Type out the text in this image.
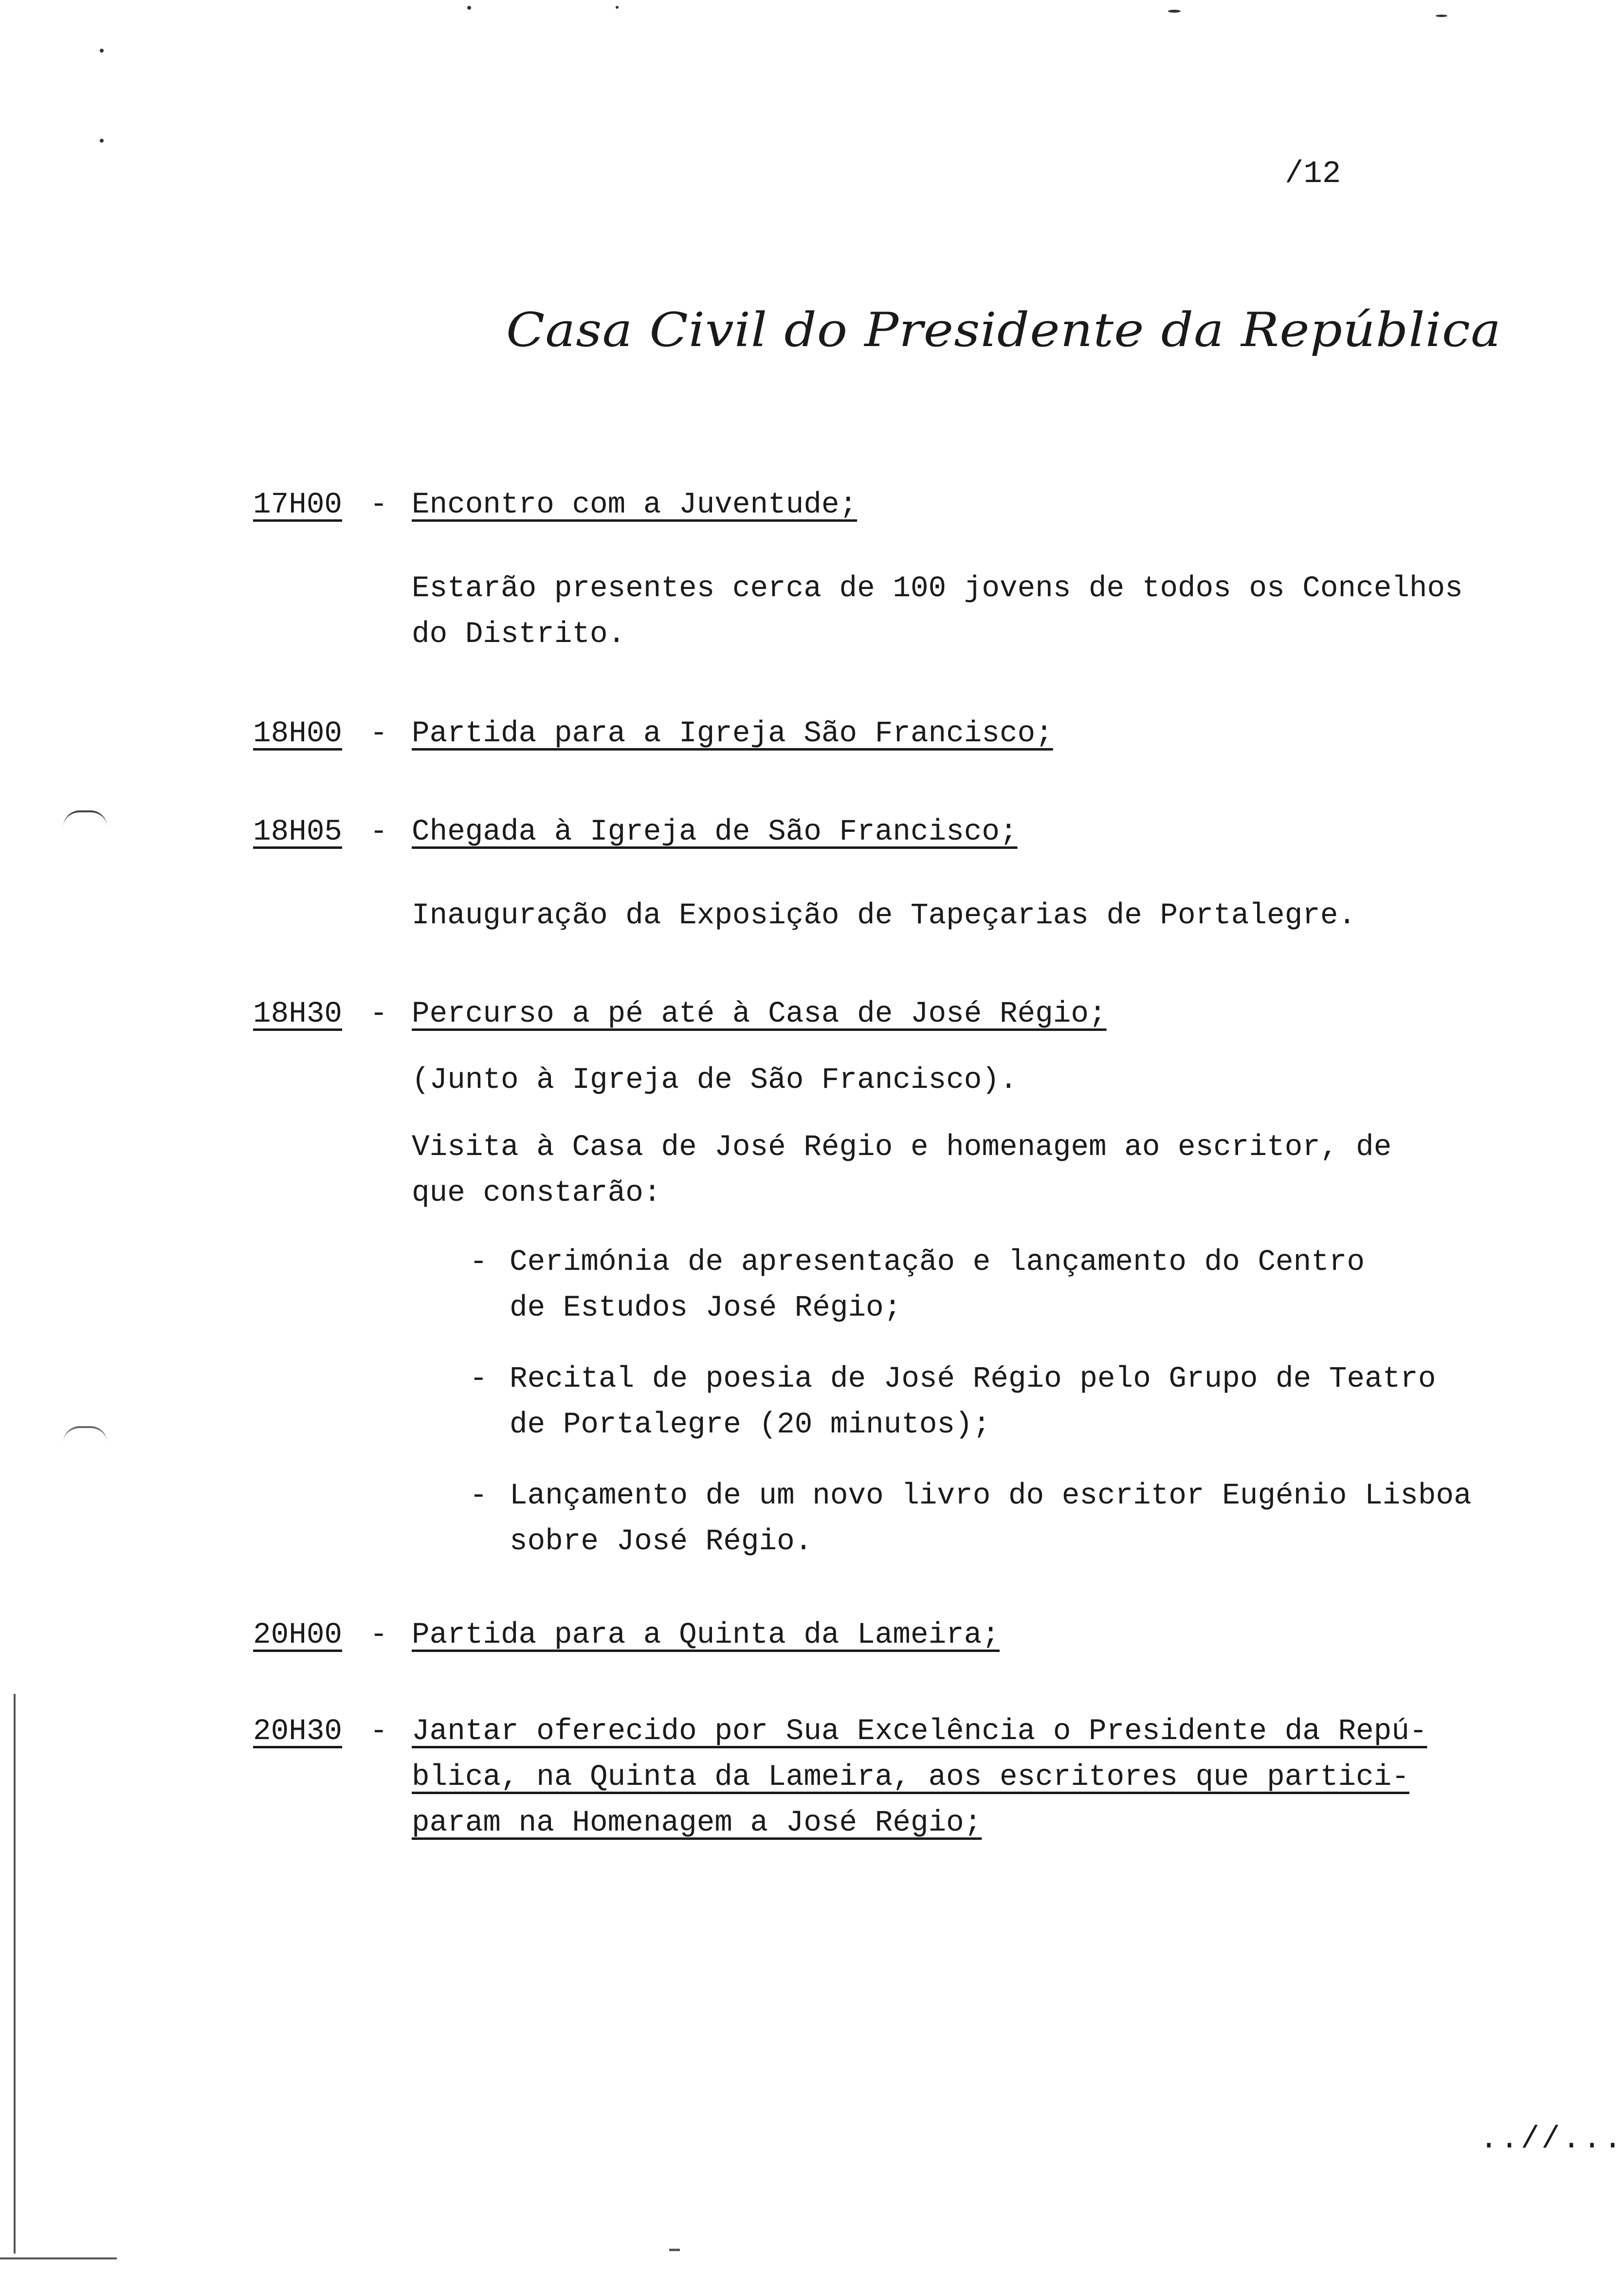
/12
Casa Civil do Presidente da República
17H00 - Encontro com a Juventude;
Estarão presentes cerca de 100 jovens de todos os Concelhos
do Distrito.
18H00 - Partida para a Igreja São Francisco;
18H05 - Chegada à Igreja de São Francisco;
Inauguração da Exposição de Tapeçarias de Portalegre.
18H30 - Percurso a pé até à Casa de José Régio;
(Junto à Igreja de São Francisco).
Visita à Casa de José Régio e homenagem ao escritor, de
que constarão:
- Cerimónia de apresentação e lançamento do Centro
de Estudos José Régio;
- Recital de poesia de José Régio pelo Grupo de Teatro
de Portalegre (20 minutos);
- Lançamento de um novo livro do escritor Eugénio Lisboa
sobre José Régio.
20H00 - Partida para a Quinta da Lameira;
20H30 - Jantar oferecido por Sua Excelência o Presidente da Repú-
blica, na Quinta da Lameira, aos escritores que partici-
param na Homenagem a José Régio;
..//...
